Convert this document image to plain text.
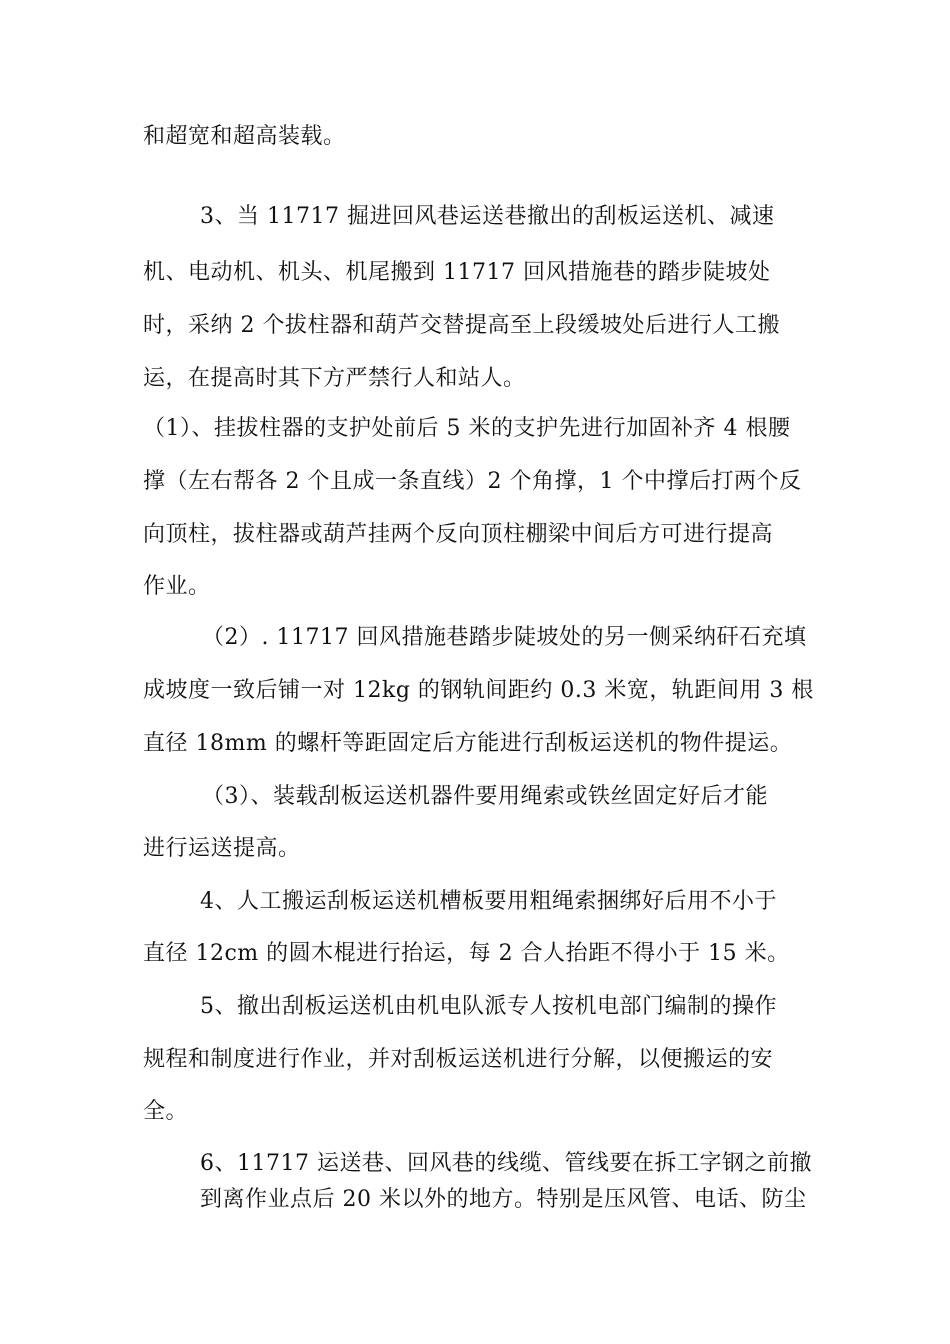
和超宽和超高装载。
3、当 11717 掘进回风巷运送巷撤出的刮板运送机、减速
机、电动机、机头、机尾搬到 11717 回风措施巷的踏步陡坡处
时，采纳 2 个拔柱器和葫芦交替提高至上段缓坡处后进行人工搬
运，在提高时其下方严禁行人和站人。
（1）、挂拔柱器的支护处前后 5 米的支护先进行加固补齐 4 根腰
撑（左右帮各 2 个且成一条直线）2 个角撑，1 个中撑后打两个反
向顶柱，拔柱器或葫芦挂两个反向顶柱棚梁中间后方可进行提高
作业。
（2）. 11717 回风措施巷踏步陡坡处的另一侧采纳矸石充填
成坡度一致后铺一对 12kg 的钢轨间距约 0.3 米宽，轨距间用 3 根
直径 18mm 的螺杆等距固定后方能进行刮板运送机的物件提运。
（3）、装载刮板运送机器件要用绳索或铁丝固定好后才能
进行运送提高。
4、人工搬运刮板运送机槽板要用粗绳索捆绑好后用不小于
直径 12cm 的圆木棍进行抬运，每 2 合人抬距不得小于 15 米。
5、撤出刮板运送机由机电队派专人按机电部门编制的操作
规程和制度进行作业，并对刮板运送机进行分解，以便搬运的安
全。
6、11717 运送巷、回风巷的线缆、管线要在拆工字钢之前撤
到离作业点后 20 米以外的地方。特别是压风管、电话、防尘
